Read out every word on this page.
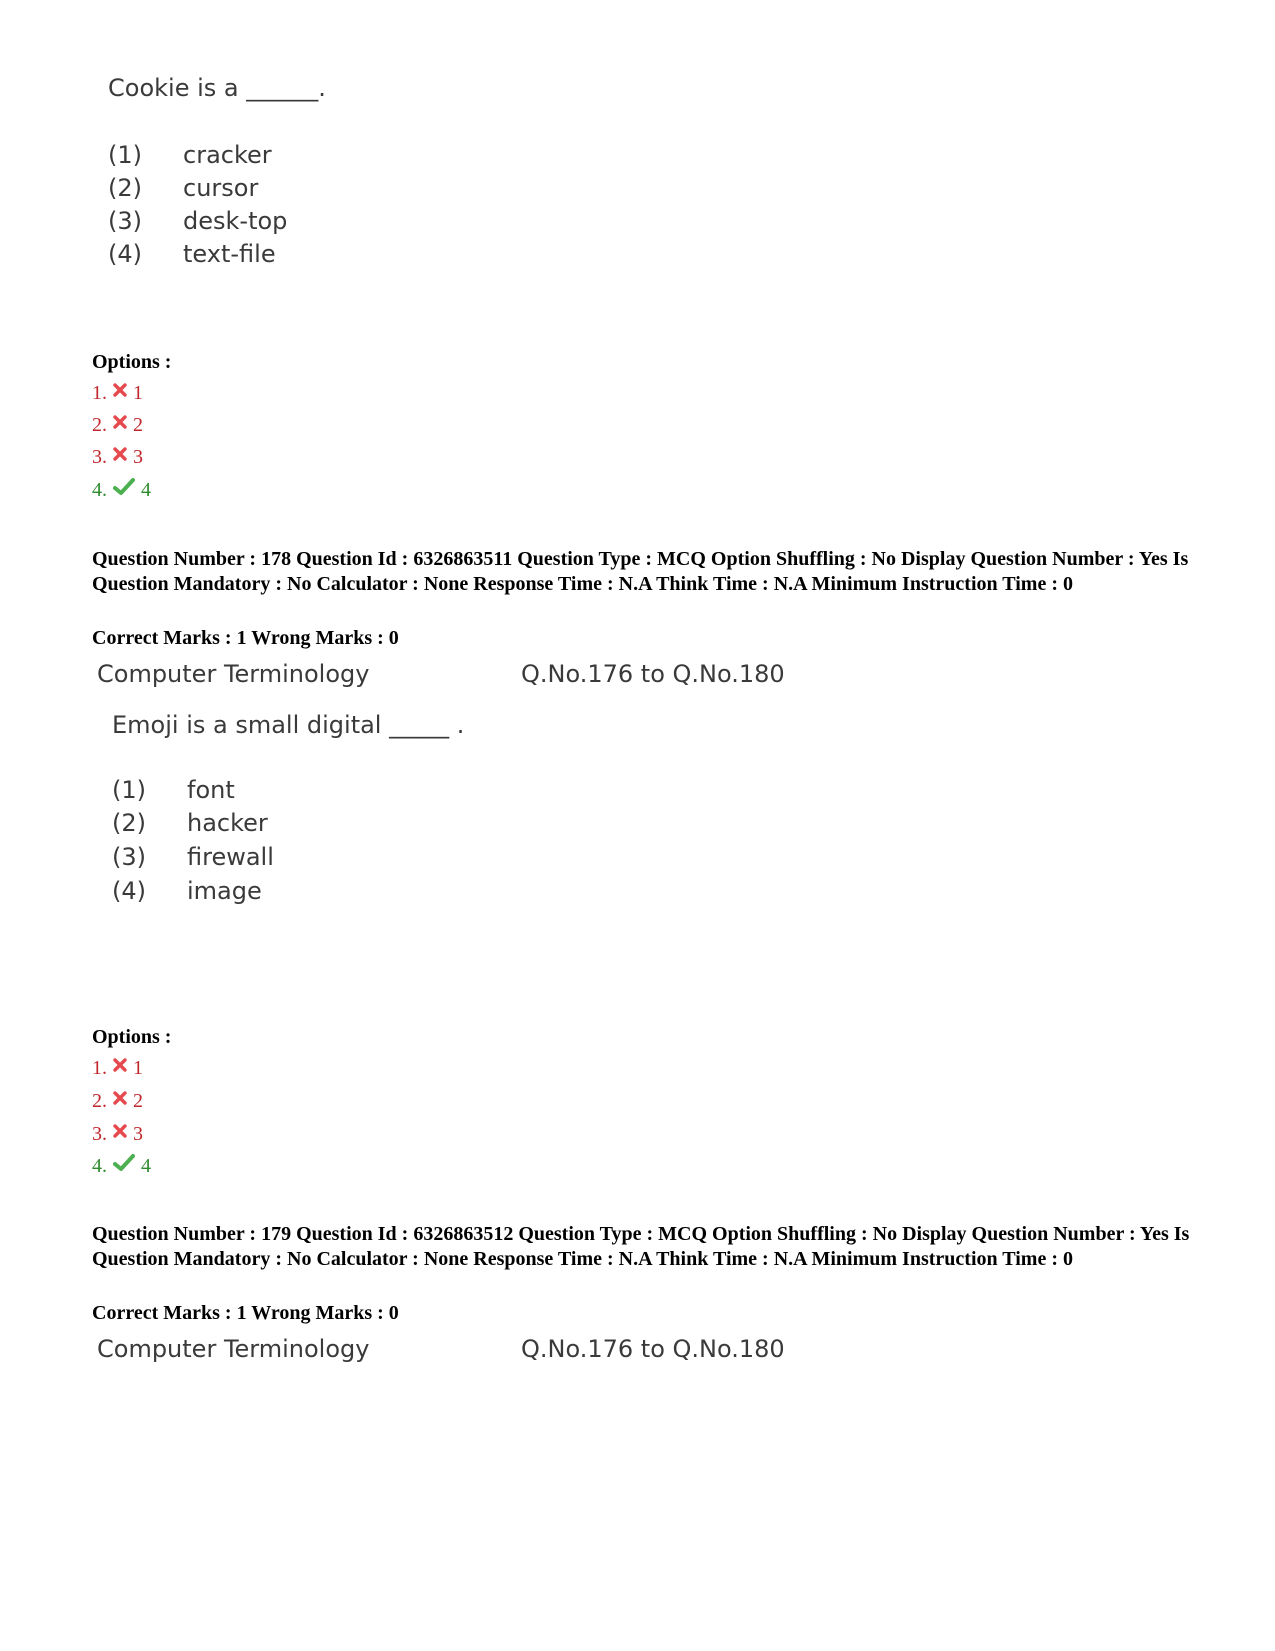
Cookie is a ______.
(1) cracker
(2) cursor
(3) desk-top
(4) text-file
Options :
1. 1
2. 2
3. 3
4. 4
Question Number : 178 Question Id : 6326863511 Question Type : MCQ Option Shuffling : No Display Question Number : Yes Is Question Mandatory : No Calculator : None Response Time : N.A Think Time : N.A Minimum Instruction Time : 0
Correct Marks : 1 Wrong Marks : 0
Computer Terminology	Q.No.176 to Q.No.180
Emoji is a small digital _____ .
(1) font
(2) hacker
(3) firewall
(4) image
Options :
1. 1
2. 2
3. 3
4. 4
Question Number : 179 Question Id : 6326863512 Question Type : MCQ Option Shuffling : No Display Question Number : Yes Is Question Mandatory : No Calculator : None Response Time : N.A Think Time : N.A Minimum Instruction Time : 0
Correct Marks : 1 Wrong Marks : 0
Computer Terminology	Q.No.176 to Q.No.180
